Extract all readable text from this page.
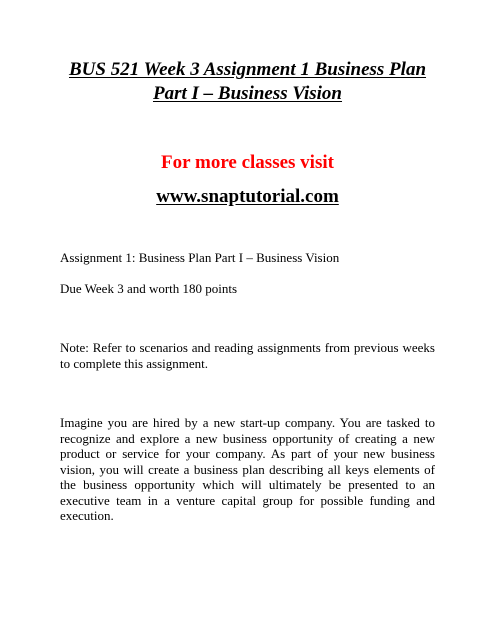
BUS 521 Week 3 Assignment 1 Business Plan
Part I – Business Vision

For more classes visit

www.snaptutorial.com

Assignment 1: Business Plan Part I – Business Vision

Due Week 3 and worth 180 points

Note: Refer to scenarios and reading assignments from previous weeks
to complete this assignment.

Imagine you are hired by a new start-up company. You are tasked to
recognize and explore a new business opportunity of creating a new
product or service for your company. As part of your new business
vision, you will create a business plan describing all keys elements of
the business opportunity which will ultimately be presented to an
executive team in a venture capital group for possible funding and
execution.
